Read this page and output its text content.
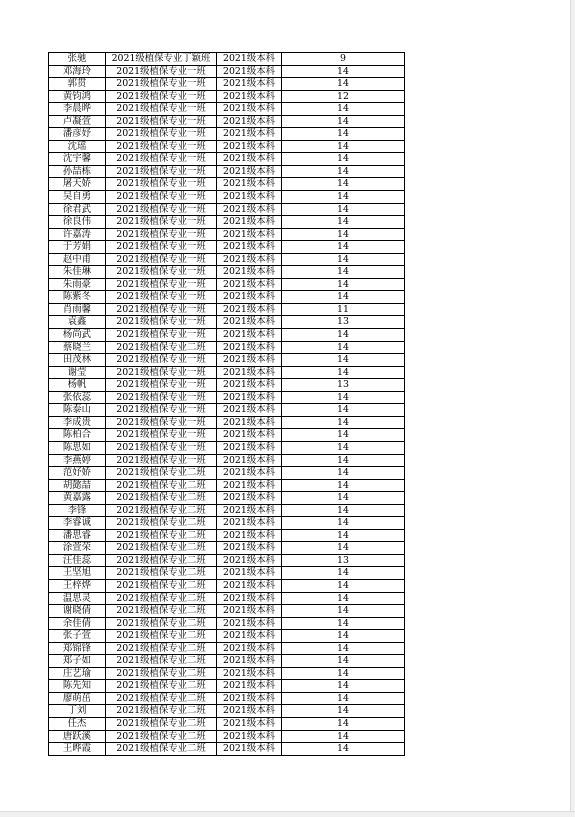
张驰	2021级植保专业丁颖班	2021级本科	9
邓海玲	2021级植保专业一班	2021级本科	14
郭贯	2021级植保专业一班	2021级本科	14
黄钧鸿	2021级植保专业一班	2021级本科	12
李晨晔	2021级植保专业一班	2021级本科	14
卢凝萱	2021级植保专业一班	2021级本科	14
潘彦妤	2021级植保专业一班	2021级本科	14
沈瑶	2021级植保专业一班	2021级本科	14
沈宇馨	2021级植保专业一班	2021级本科	14
孙喆栋	2021级植保专业一班	2021级本科	14
屠天娇	2021级植保专业一班	2021级本科	14
吴自勇	2021级植保专业一班	2021级本科	14
徐君武	2021级植保专业一班	2021级本科	14
徐良伟	2021级植保专业一班	2021级本科	14
许嘉涛	2021级植保专业一班	2021级本科	14
于芳娟	2021级植保专业一班	2021级本科	14
赵中甫	2021级植保专业一班	2021级本科	14
朱佳琳	2021级植保专业一班	2021级本科	14
朱雨豪	2021级植保专业一班	2021级本科	14
陈紫冬	2021级植保专业一班	2021级本科	14
肖雨馨	2021级植保专业一班	2021级本科	11
袁鑫	2021级植保专业一班	2021级本科	13
杨尚武	2021级植保专业一班	2021级本科	14
蔡晓兰	2021级植保专业二班	2021级本科	14
田茂林	2021级植保专业一班	2021级本科	14
谢莹	2021级植保专业一班	2021级本科	14
杨帆	2021级植保专业一班	2021级本科	13
张依蕊	2021级植保专业一班	2021级本科	14
陈泰山	2021级植保专业一班	2021级本科	14
李成贵	2021级植保专业一班	2021级本科	14
陈柏合	2021级植保专业一班	2021级本科	14
陈思如	2021级植保专业一班	2021级本科	14
李燕婷	2021级植保专业一班	2021级本科	14
范妤娇	2021级植保专业二班	2021级本科	14
胡懿喆	2021级植保专业二班	2021级本科	14
黄嘉露	2021级植保专业二班	2021级本科	14
李锋	2021级植保专业二班	2021级本科	14
李睿诚	2021级植保专业二班	2021级本科	14
潘思睿	2021级植保专业二班	2021级本科	14
涂萱荣	2021级植保专业二班	2021级本科	14
汪佳蕊	2021级植保专业二班	2021级本科	13
王坚旭	2021级植保专业二班	2021级本科	14
王梓烨	2021级植保专业二班	2021级本科	14
温思灵	2021级植保专业二班	2021级本科	14
谢晓倩	2021级植保专业二班	2021级本科	14
余佳倩	2021级植保专业二班	2021级本科	14
张子萱	2021级植保专业二班	2021级本科	14
郑锦锋	2021级植保专业二班	2021级本科	14
郑子如	2021级植保专业二班	2021级本科	14
庄艺瑜	2021级植保专业二班	2021级本科	14
陈先知	2021级植保专业二班	2021级本科	14
廖萌茁	2021级植保专业二班	2021级本科	14
丁刘	2021级植保专业二班	2021级本科	14
任杰	2021级植保专业二班	2021级本科	14
唐跃溪	2021级植保专业二班	2021级本科	14
王晔霞	2021级植保专业二班	2021级本科	14
